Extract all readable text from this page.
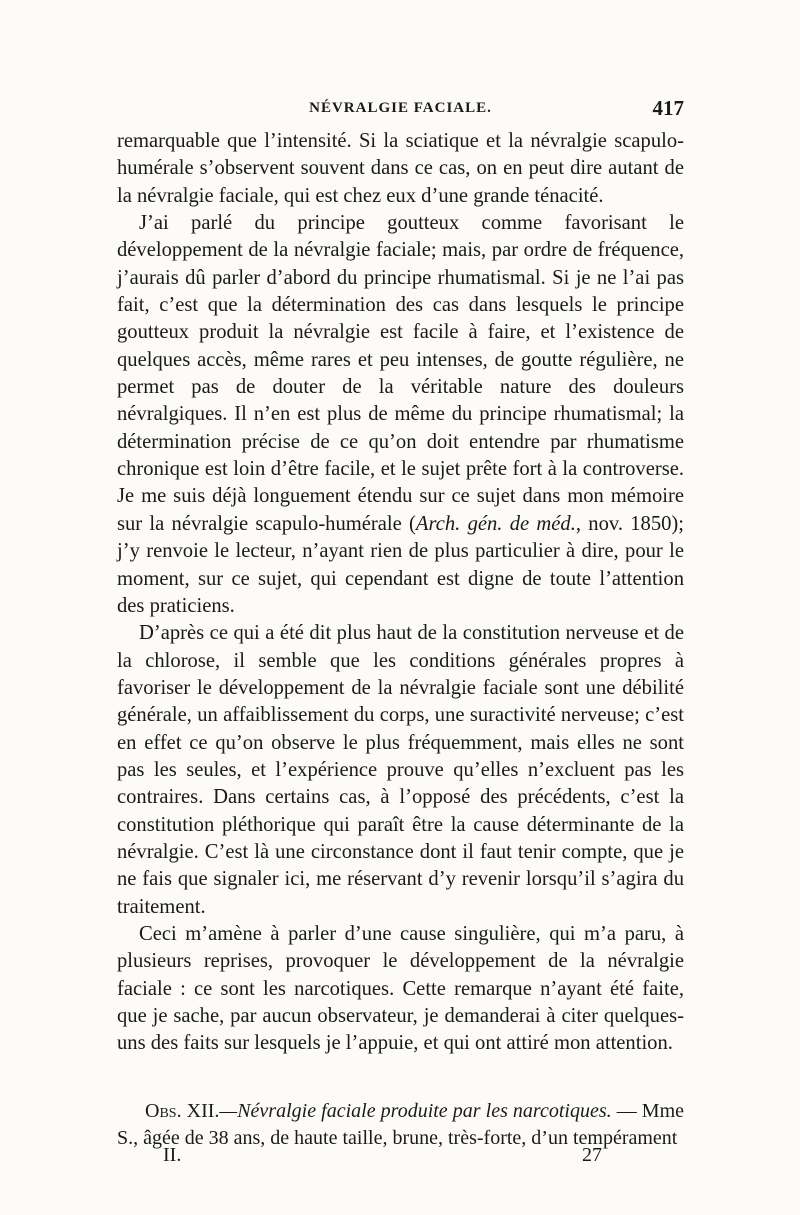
NÉVRALGIE FACIALE.	417

remarquable que l’intensité. Si la sciatique et la névralgie scapulo-humérale s’observent souvent dans ce cas, on en peut dire autant de la névralgie faciale, qui est chez eux d’une grande ténacité.

J’ai parlé du principe goutteux comme favorisant le développement de la névralgie faciale; mais, par ordre de fréquence, j’aurais dû parler d’abord du principe rhumatismal. Si je ne l’ai pas fait, c’est que la détermination des cas dans lesquels le principe goutteux produit la névralgie est facile à faire, et l’existence de quelques accès, même rares et peu intenses, de goutte régulière, ne permet pas de douter de la véritable nature des douleurs névralgiques. Il n’en est plus de même du principe rhumatismal; la détermination précise de ce qu’on doit entendre par rhumatisme chronique est loin d’être facile, et le sujet prête fort à la controverse. Je me suis déjà longuement étendu sur ce sujet dans mon mémoire sur la névralgie scapulo-humérale (Arch. gén. de méd., nov. 1850); j’y renvoie le lecteur, n’ayant rien de plus particulier à dire, pour le moment, sur ce sujet, qui cependant est digne de toute l’attention des praticiens.

D’après ce qui a été dit plus haut de la constitution nerveuse et de la chlorose, il semble que les conditions générales propres à favoriser le développement de la névralgie faciale sont une débilité générale, un affaiblissement du corps, une suractivité nerveuse; c’est en effet ce qu’on observe le plus fréquemment, mais elles ne sont pas les seules, et l’expérience prouve qu’elles n’excluent pas les contraires. Dans certains cas, à l’opposé des précédents, c’est la constitution pléthorique qui paraît être la cause déterminante de la névralgie. C’est là une circonstance dont il faut tenir compte, que je ne fais que signaler ici, me réservant d’y revenir lorsqu’il s’agira du traitement.

Ceci m’amène à parler d’une cause singulière, qui m’a paru, à plusieurs reprises, provoquer le développement de la névralgie faciale : ce sont les narcotiques. Cette remarque n’ayant été faite, que je sache, par aucun observateur, je demanderai à citer quelques-uns des faits sur lesquels je l’appuie, et qui ont attiré mon attention.

Obs. XII.—Névralgie faciale produite par les narcotiques. — Mme S., âgée de 38 ans, de haute taille, brune, très-forte, d’un tempérament
II.	27
